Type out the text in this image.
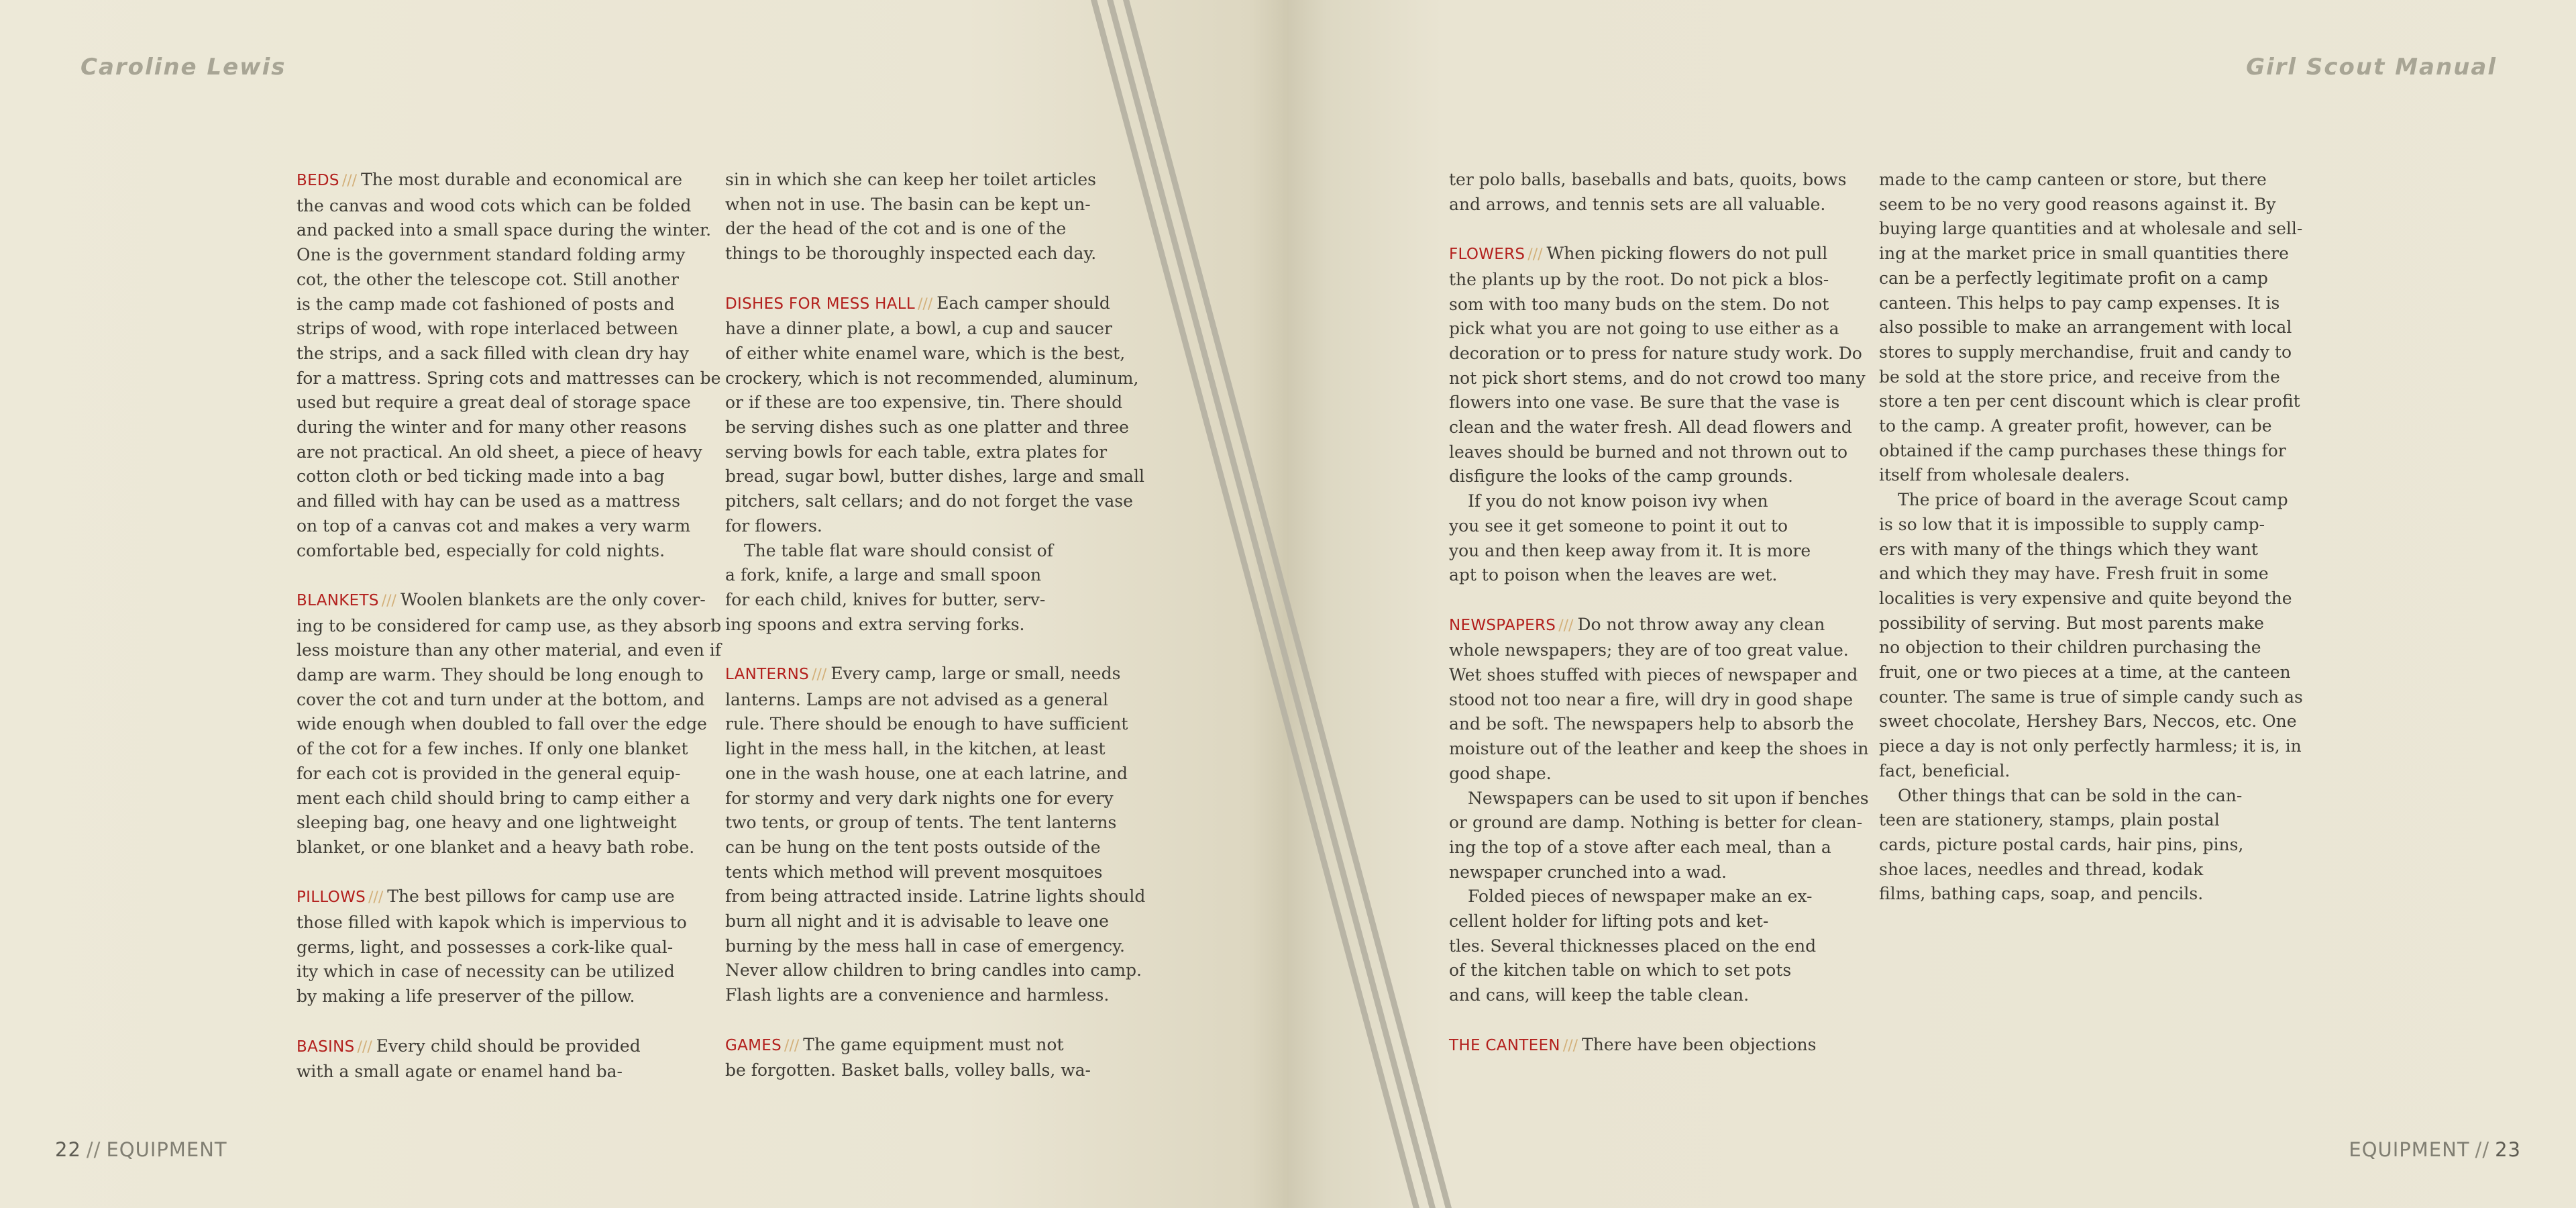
Caroline Lewis	Girl Scout Manual

BEDS /// The most durable and economical are

the canvas and wood cots which can be folded

and packed into a small space during the winter.

One is the government standard folding army

cot, the other the telescope cot. Still another

is the camp made cot fashioned of posts and

strips of wood, with rope interlaced between

the strips, and a sack filled with clean dry hay

for a mattress. Spring cots and mattresses can be

used but require a great deal of storage space

during the winter and for many other reasons

are not practical. An old sheet, a piece of heavy

cotton cloth or bed ticking made into a bag

and filled with hay can be used as a mattress

on top of a canvas cot and makes a very warm

comfortable bed, especially for cold nights.

BLANKETS /// Woolen blankets are the only cover-

ing to be considered for camp use, as they absorb

less moisture than any other material, and even if

damp are warm. They should be long enough to

cover the cot and turn under at the bottom, and

wide enough when doubled to fall over the edge

of the cot for a few inches. If only one blanket

for each cot is provided in the general equip-

ment each child should bring to camp either a

sleeping bag, one heavy and one lightweight

blanket, or one blanket and a heavy bath robe.

PILLOWS /// The best pillows for camp use are

those filled with kapok which is impervious to

germs, light, and possesses a cork-like qual-

ity which in case of necessity can be utilized

by making a life preserver of the pillow.

BASINS /// Every child should be provided

with a small agate or enamel hand ba-

sin in which she can keep her toilet articles

when not in use. The basin can be kept un-

der the head of the cot and is one of the

things to be thoroughly inspected each day.

DISHES FOR MESS HALL /// Each camper should

have a dinner plate, a bowl, a cup and saucer

of either white enamel ware, which is the best,

crockery, which is not recommended, aluminum,

or if these are too expensive, tin. There should

be serving dishes such as one platter and three

serving bowls for each table, extra plates for

bread, sugar bowl, butter dishes, large and small

pitchers, salt cellars; and do not forget the vase

for flowers.

The table flat ware should consist of

a fork, knife, a large and small spoon

for each child, knives for butter, serv-

ing spoons and extra serving forks.

LANTERNS /// Every camp, large or small, needs

lanterns. Lamps are not advised as a general

rule. There should be enough to have sufficient

light in the mess hall, in the kitchen, at least

one in the wash house, one at each latrine, and

for stormy and very dark nights one for every

two tents, or group of tents. The tent lanterns

can be hung on the tent posts outside of the

tents which method will prevent mosquitoes

from being attracted inside. Latrine lights should

burn all night and it is advisable to leave one

burning by the mess hall in case of emergency.

Never allow children to bring candles into camp.

Flash lights are a convenience and harmless.

GAMES /// The game equipment must not

be forgotten. Basket balls, volley balls, wa-

ter polo balls, baseballs and bats, quoits, bows

and arrows, and tennis sets are all valuable.

FLOWERS /// When picking flowers do not pull

the plants up by the root. Do not pick a blos-

som with too many buds on the stem. Do not

pick what you are not going to use either as a

decoration or to press for nature study work. Do

not pick short stems, and do not crowd too many

flowers into one vase. Be sure that the vase is

clean and the water fresh. All dead flowers and

leaves should be burned and not thrown out to

disfigure the looks of the camp grounds.

If you do not know poison ivy when

you see it get someone to point it out to

you and then keep away from it. It is more

apt to poison when the leaves are wet.

NEWSPAPERS /// Do not throw away any clean

whole newspapers; they are of too great value.

Wet shoes stuffed with pieces of newspaper and

stood not too near a fire, will dry in good shape

and be soft. The newspapers help to absorb the

moisture out of the leather and keep the shoes in

good shape.

Newspapers can be used to sit upon if benches

or ground are damp. Nothing is better for clean-

ing the top of a stove after each meal, than a

newspaper crunched into a wad.

Folded pieces of newspaper make an ex-

cellent holder for lifting pots and ket-

tles. Several thicknesses placed on the end

of the kitchen table on which to set pots

and cans, will keep the table clean.

THE CANTEEN /// There have been objections

made to the camp canteen or store, but there

seem to be no very good reasons against it. By

buying large quantities and at wholesale and sell-

ing at the market price in small quantities there

can be a perfectly legitimate profit on a camp

canteen. This helps to pay camp expenses. It is

also possible to make an arrangement with local

stores to supply merchandise, fruit and candy to

be sold at the store price, and receive from the

store a ten per cent discount which is clear profit

to the camp. A greater profit, however, can be

obtained if the camp purchases these things for

itself from wholesale dealers.

The price of board in the average Scout camp

is so low that it is impossible to supply camp-

ers with many of the things which they want

and which they may have. Fresh fruit in some

localities is very expensive and quite beyond the

possibility of serving. But most parents make

no objection to their children purchasing the

fruit, one or two pieces at a time, at the canteen

counter. The same is true of simple candy such as

sweet chocolate, Hershey Bars, Neccos, etc. One

piece a day is not only perfectly harmless; it is, in

fact, beneficial.

Other things that can be sold in the can-

teen are stationery, stamps, plain postal

cards, picture postal cards, hair pins, pins,

shoe laces, needles and thread, kodak

films, bathing caps, soap, and pencils.

22 // EQUIPMENT	EQUIPMENT // 23
